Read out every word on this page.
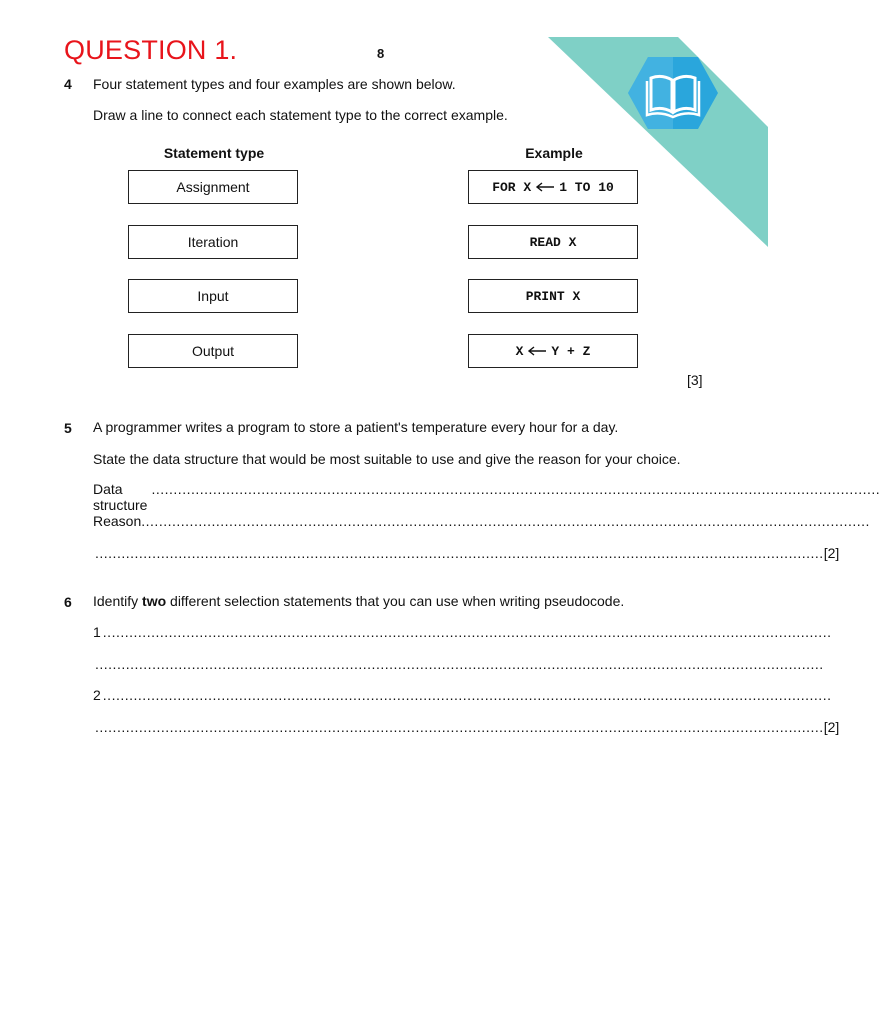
QUESTION 1.	8
4 Four statement types and four examples are shown below.
Draw a line to connect each statement type to the correct example.
Statement type	Example
Assignment
Iteration
Input
Output
FOR X 1 TO 10
READ X
PRINT X
X Y + Z
[3]
5 A programmer writes a program to store a patient's temperature every hour for a day.
State the data structure that would be most suitable to use and give the reason for your choice.
Data structure
......................................................................................................................................................................
Reason ......................................................................................................................................................................
...................................................................................................................................................................... [2]
6 Identify two different selection statements that you can use when writing pseudocode.
1 ......................................................................................................................................................................
......................................................................................................................................................................
2 ......................................................................................................................................................................
...................................................................................................................................................................... [2]
